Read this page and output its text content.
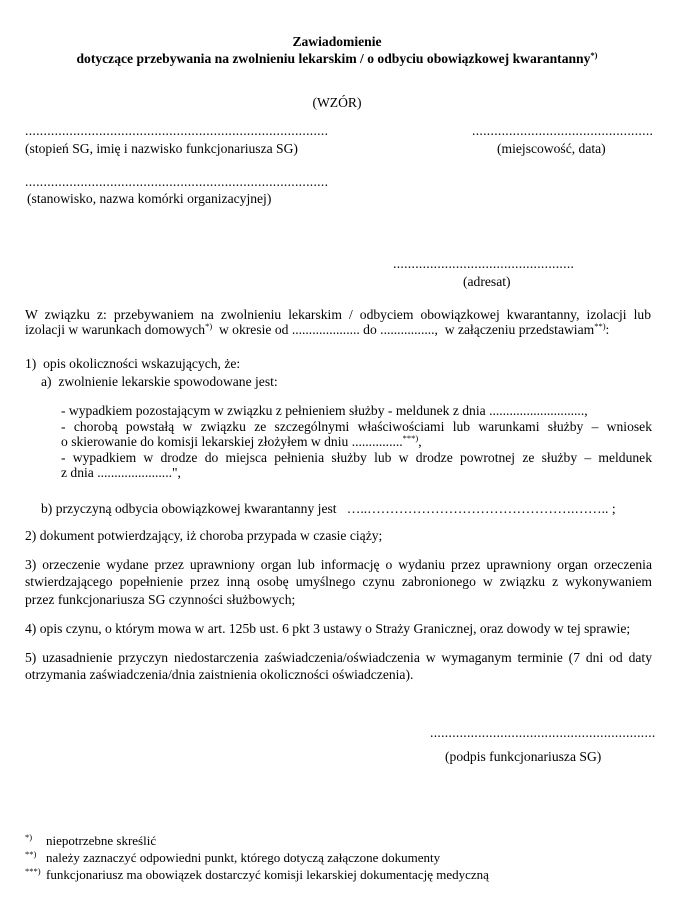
Zawiadomienie
dotyczące przebywania na zwolnieniu lekarskim / o odbyciu obowiązkowej kwarantanny*)
(WZÓR)
..................................................................................
(stopień SG, imię i nazwisko funkcjonariusza SG)
.................................................
(miejscowość, data)
..................................................................................
(stanowisko, nazwa komórki organizacyjnej)
.................................................
(adresat)
W związku z: przebywaniem na zwolnieniu lekarskim / odbyciem obowiązkowej kwarantanny, izolacji lub
izolacji w warunkach domowych*)  w okresie od .................... do ................,  w załączeniu przedstawiam**):
1)  opis okoliczności wskazujących, że:
a)  zwolnienie lekarskie spowodowane jest:
- wypadkiem pozostającym w związku z pełnieniem służby - meldunek z dnia ............................,
- chorobą powstałą w związku ze szczególnymi właściwościami lub warunkami służby – wniosek
o skierowanie do komisji lekarskiej złożyłem w dniu ...............***),
- wypadkiem w drodze do miejsca pełnienia służby lub w drodze powrotnej ze służby – meldunek
z dnia ......................",
b) przyczyną odbycia obowiązkowej kwarantanny jest   …..……………………………………….…….. ;
2) dokument potwierdzający, iż choroba przypada w czasie ciąży;
3) orzeczenie wydane przez uprawniony organ lub informację o wydaniu przez uprawniony organ orzeczenia
stwierdzającego popełnienie przez inną osobę umyślnego czynu zabronionego w związku z wykonywaniem
przez funkcjonariusza SG czynności służbowych;
4) opis czynu, o którym mowa w art. 125b ust. 6 pkt 3 ustawy o Straży Granicznej, oraz dowody w tej sprawie;
5) uzasadnienie przyczyn niedostarczenia zaświadczenia/oświadczenia w wymaganym terminie (7 dni od daty
otrzymania zaświadczenia/dnia zaistnienia okoliczności oświadczenia).
.............................................................
(podpis funkcjonariusza SG)
*) niepotrzebne skreślić
**) należy zaznaczyć odpowiedni punkt, którego dotyczą załączone dokumenty
***) funkcjonariusz ma obowiązek dostarczyć komisji lekarskiej dokumentację medyczną
